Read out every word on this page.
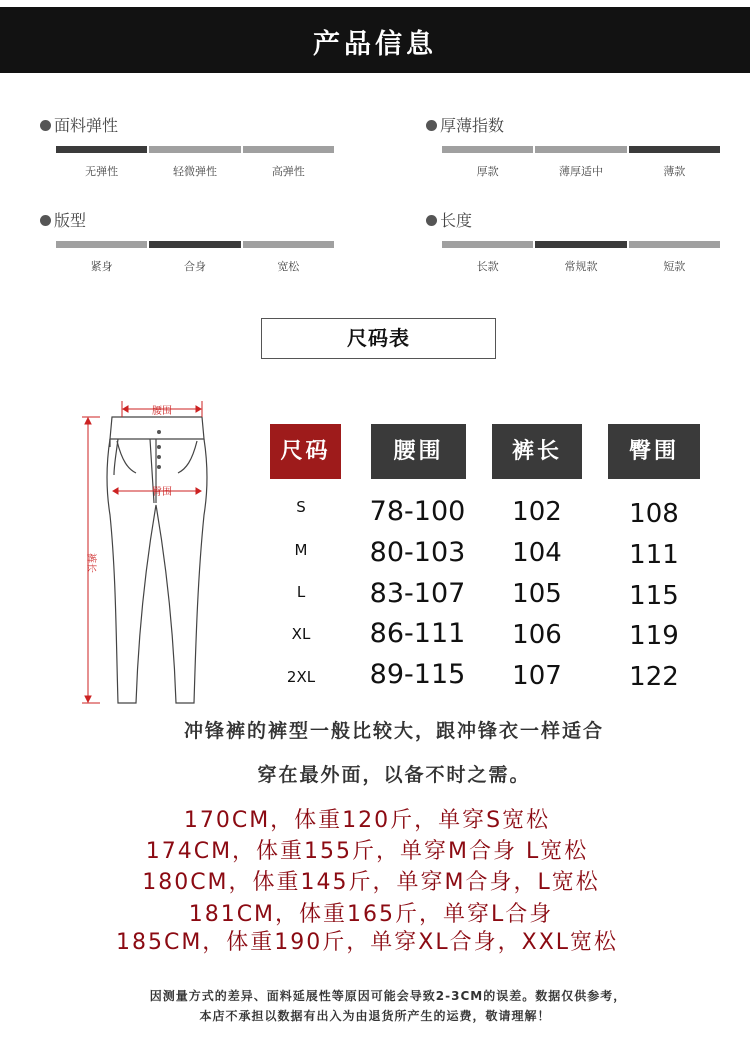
产品信息
面料弹性
无弹性	轻微弹性	高弹性
厚薄指数
厚款	薄厚适中	薄款
版型
紧身	合身	宽松
长度
长款	常规款	短款
尺码表
腰围
臀围
裤长
尺码	腰围	裤长	臀围
S	78-100	102	108
M	80-103	104	111
L	83-107	105	115
XL	86-111	106	119
2XL	89-115	107	122
冲锋裤的裤型一般比较大，跟冲锋衣一样适合
穿在最外面，以备不时之需。
170CM，体重120斤，单穿S宽松
174CM，体重155斤，单穿M合身 L宽松
180CM，体重145斤，单穿M合身，L宽松
181CM，体重165斤，单穿L合身
185CM，体重190斤，单穿XL合身，XXL宽松
因测量方式的差异、面料延展性等原因可能会导致2-3CM的误差。数据仅供参考，
本店不承担以数据有出入为由退货所产生的运费，敬请理解！
